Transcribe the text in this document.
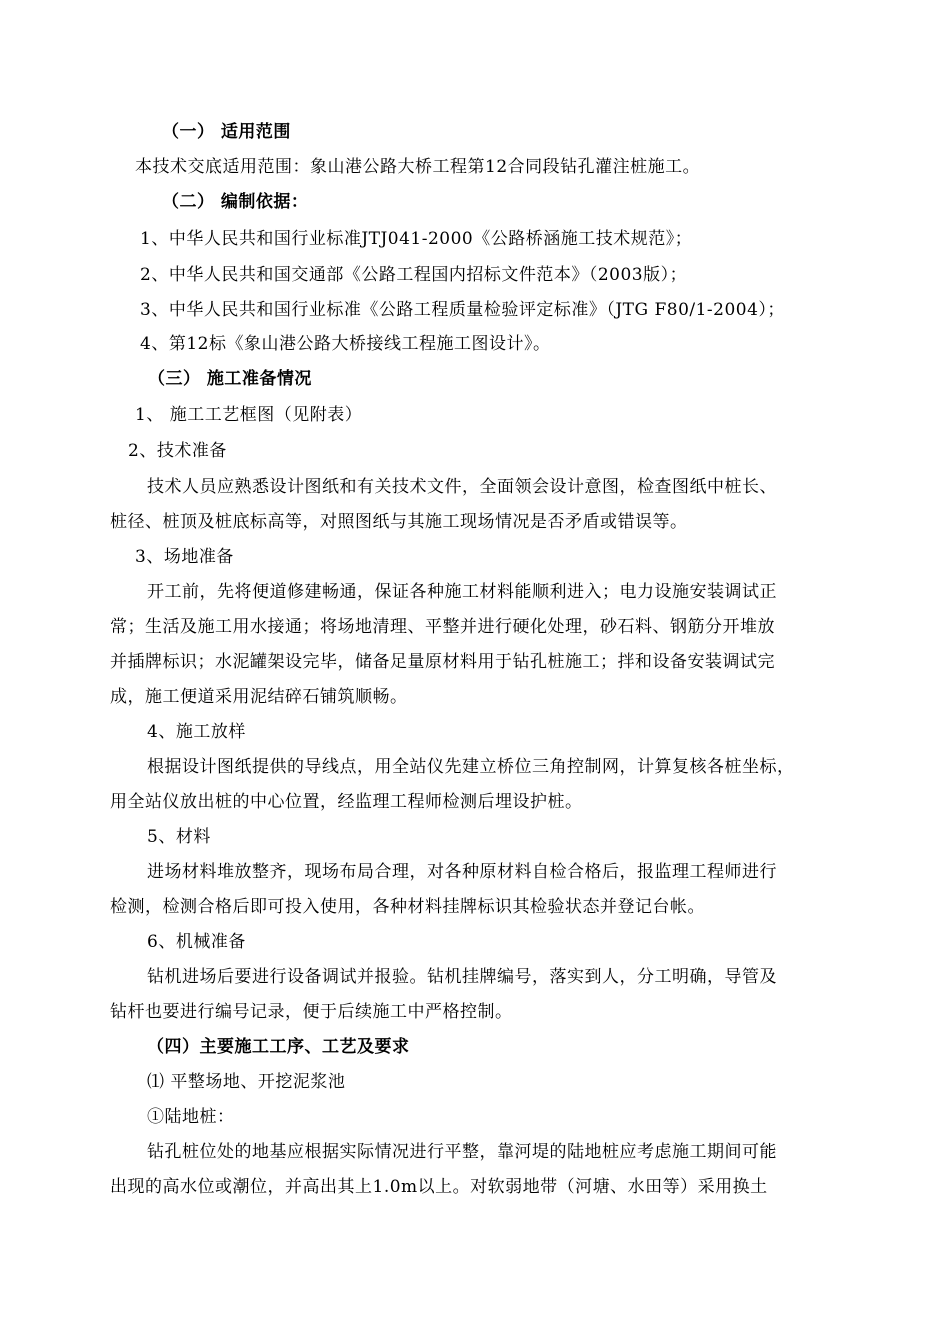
（一） 适用范围
本技术交底适用范围：象山港公路大桥工程第12合同段钻孔灌注桩施工。
（二） 编制依据：
1、中华人民共和国行业标准JTJ041-2000《公路桥涵施工技术规范》；
2、中华人民共和国交通部《公路工程国内招标文件范本》（2003版）；
3、中华人民共和国行业标准《公路工程质量检验评定标准》（JTG F80/1-2004）；
4、第12标《象山港公路大桥接线工程施工图设计》。
（三） 施工准备情况
1、 施工工艺框图（见附表）
2、技术准备
技术人员应熟悉设计图纸和有关技术文件，全面领会设计意图，检查图纸中桩长、
桩径、桩顶及桩底标高等，对照图纸与其施工现场情况是否矛盾或错误等。
3、场地准备
开工前，先将便道修建畅通，保证各种施工材料能顺利进入；电力设施安装调试正
常；生活及施工用水接通；将场地清理、平整并进行硬化处理，砂石料、钢筋分开堆放
并插牌标识；水泥罐架设完毕，储备足量原材料用于钻孔桩施工；拌和设备安装调试完
成，施工便道采用泥结碎石铺筑顺畅。
4、施工放样
根据设计图纸提供的导线点，用全站仪先建立桥位三角控制网，计算复核各桩坐标，
用全站仪放出桩的中心位置，经监理工程师检测后埋设护桩。
5、材料
进场材料堆放整齐，现场布局合理，对各种原材料自检合格后，报监理工程师进行
检测，检测合格后即可投入使用，各种材料挂牌标识其检验状态并登记台帐。
6、机械准备
钻机进场后要进行设备调试并报验。钻机挂牌编号，落实到人，分工明确，导管及
钻杆也要进行编号记录，便于后续施工中严格控制。
（四）主要施工工序、工艺及要求
⑴ 平整场地、开挖泥浆池
①陆地桩：
钻孔桩位处的地基应根据实际情况进行平整，靠河堤的陆地桩应考虑施工期间可能
出现的高水位或潮位，并高出其上1.0m以上。对软弱地带（河塘、水田等）采用换土
